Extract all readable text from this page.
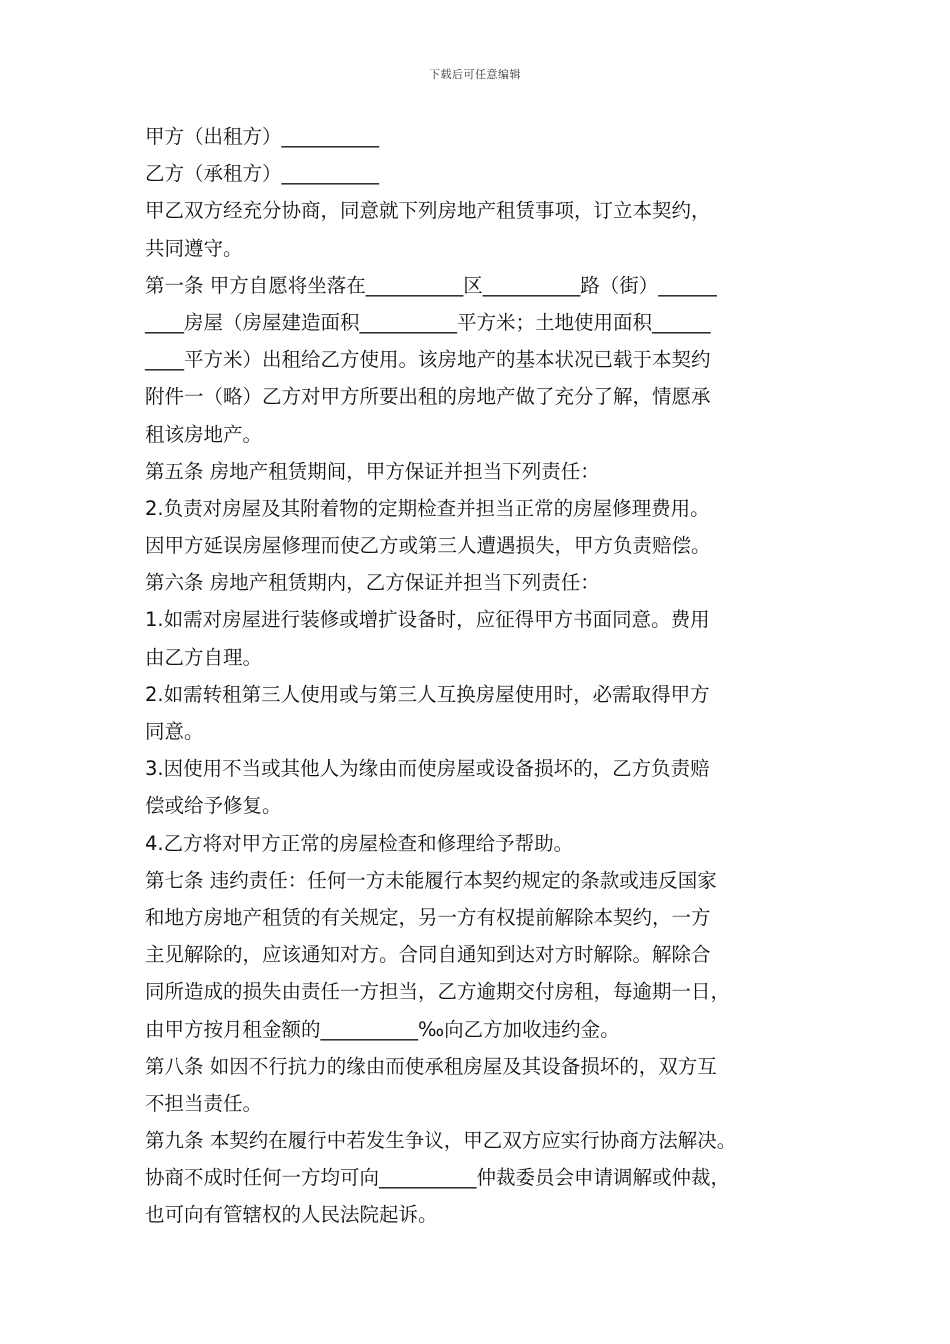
下载后可任意编辑
甲方（出租方）__________
乙方（承租方）__________
甲乙双方经充分协商，同意就下列房地产租赁事项，订立本契约，
共同遵守。
第一条 甲方自愿将坐落在__________区__________路（街）______
____房屋（房屋建造面积__________平方米；土地使用面积______
____平方米）出租给乙方使用。该房地产的基本状况已载于本契约
附件一（略）乙方对甲方所要出租的房地产做了充分了解，情愿承
租该房地产。
第五条 房地产租赁期间，甲方保证并担当下列责任：
2.负责对房屋及其附着物的定期检查并担当正常的房屋修理费用。
因甲方延误房屋修理而使乙方或第三人遭遇损失，甲方负责赔偿。
第六条 房地产租赁期内，乙方保证并担当下列责任：
1.如需对房屋进行装修或增扩设备时，应征得甲方书面同意。费用
由乙方自理。
2.如需转租第三人使用或与第三人互换房屋使用时，必需取得甲方
同意。
3.因使用不当或其他人为缘由而使房屋或设备损坏的，乙方负责赔
偿或给予修复。
4.乙方将对甲方正常的房屋检查和修理给予帮助。
第七条 违约责任：任何一方未能履行本契约规定的条款或违反国家
和地方房地产租赁的有关规定，另一方有权提前解除本契约，一方
主见解除的，应该通知对方。合同自通知到达对方时解除。解除合
同所造成的损失由责任一方担当，乙方逾期交付房租，每逾期一日，
由甲方按月租金额的__________‰向乙方加收违约金。
第八条 如因不行抗力的缘由而使承租房屋及其设备损坏的，双方互
不担当责任。
第九条 本契约在履行中若发生争议，甲乙双方应实行协商方法解决。
协商不成时任何一方均可向__________仲裁委员会申请调解或仲裁，
也可向有管辖权的人民法院起诉。
